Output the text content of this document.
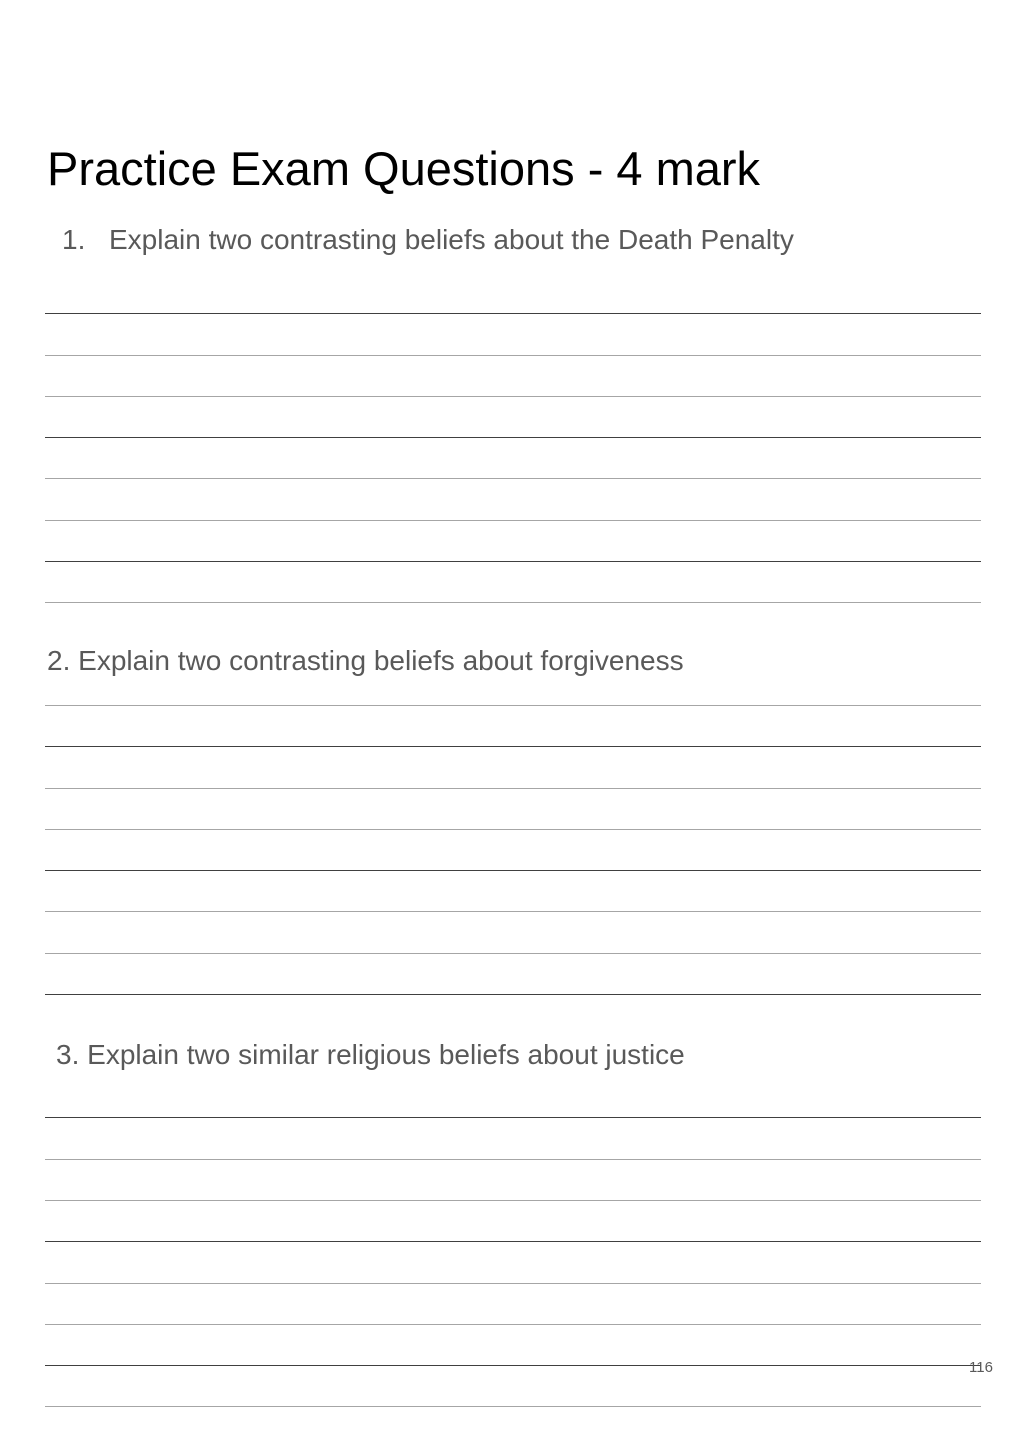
Practice Exam Questions - 4 mark

1. Explain two contrasting beliefs about the Death Penalty

2. Explain two contrasting beliefs about forgiveness

3. Explain two similar religious beliefs about justice

116
